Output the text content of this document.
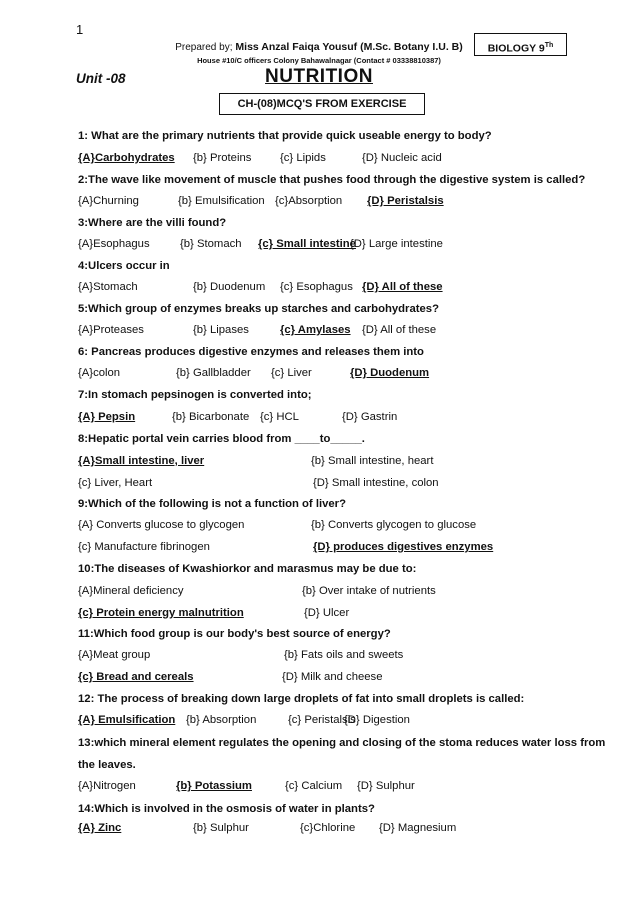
1
Prepared by; Miss Anzal Faiqa Yousuf (M.Sc. Botany I.U. B)
House #10/C officers Colony Bahawalnagar (Contact # 03338810387)
BIOLOGY 9Th
Unit -08	NUTRITION
CH-(08)MCQ'S FROM EXERCISE
1: What are the primary nutrients that provide quick useable energy to body?
{A}Carbohydrates {b} Proteins	{c} Lipids	{D} Nucleic acid
2:The wave like movement of muscle that pushes food through the digestive system is called?
{A}Churning	{b} Emulsification {c}Absorption {D} Peristalsis
3:Where are the villi found?
{A}Esophagus	{b} Stomach {c} Small intestine
{D} Large intestine
4:Ulcers occur in
{A}Stomach	{b} Duodenum {c} Esophagus {D} All of these
5:Which group of enzymes breaks up starches and carbohydrates?
{A}Proteases	{b} Lipases	{c} Amylases {D} All of these
6: Pancreas produces digestive enzymes and releases them into
{A}colon	{b} Gallbladder {c} Liver	{D} Duodenum
7:In stomach pepsinogen is converted into;
{A} Pepsin	{b} Bicarbonate {c} HCL	{D} Gastrin
8:Hepatic portal vein carries blood from ____to_____.
{A}Small intestine, liver	{b} Small intestine, heart
{c} Liver, Heart	{D} Small intestine, colon
9:Which of the following is not a function of liver?
{A} Converts glucose to glycogen	{b} Converts glycogen to glucose
{c} Manufacture fibrinogen	{D} produces digestives enzymes
10:The diseases of Kwashiorkor and marasmus may be due to:
{A}Mineral deficiency	{b} Over intake of nutrients
{c} Protein energy malnutrition	{D} Ulcer
11:Which food group is our body's best source of energy?
{A}Meat group	{b} Fats oils and sweets
{c} Bread and cereals	{D} Milk and cheese
12: The process of breaking down large droplets of fat into small droplets is called:
{A} Emulsification {b} Absorption	{c} Peristalsis
{D} Digestion
13:which mineral element regulates the opening and closing of the stoma reduces water loss from
the leaves.
{A}Nitrogen	{b} Potassium	{c} Calcium {D} Sulphur
14:Which is involved in the osmosis of water in plants?
{A} Zinc	{b} Sulphur	{c}Chlorine {D} Magnesium
